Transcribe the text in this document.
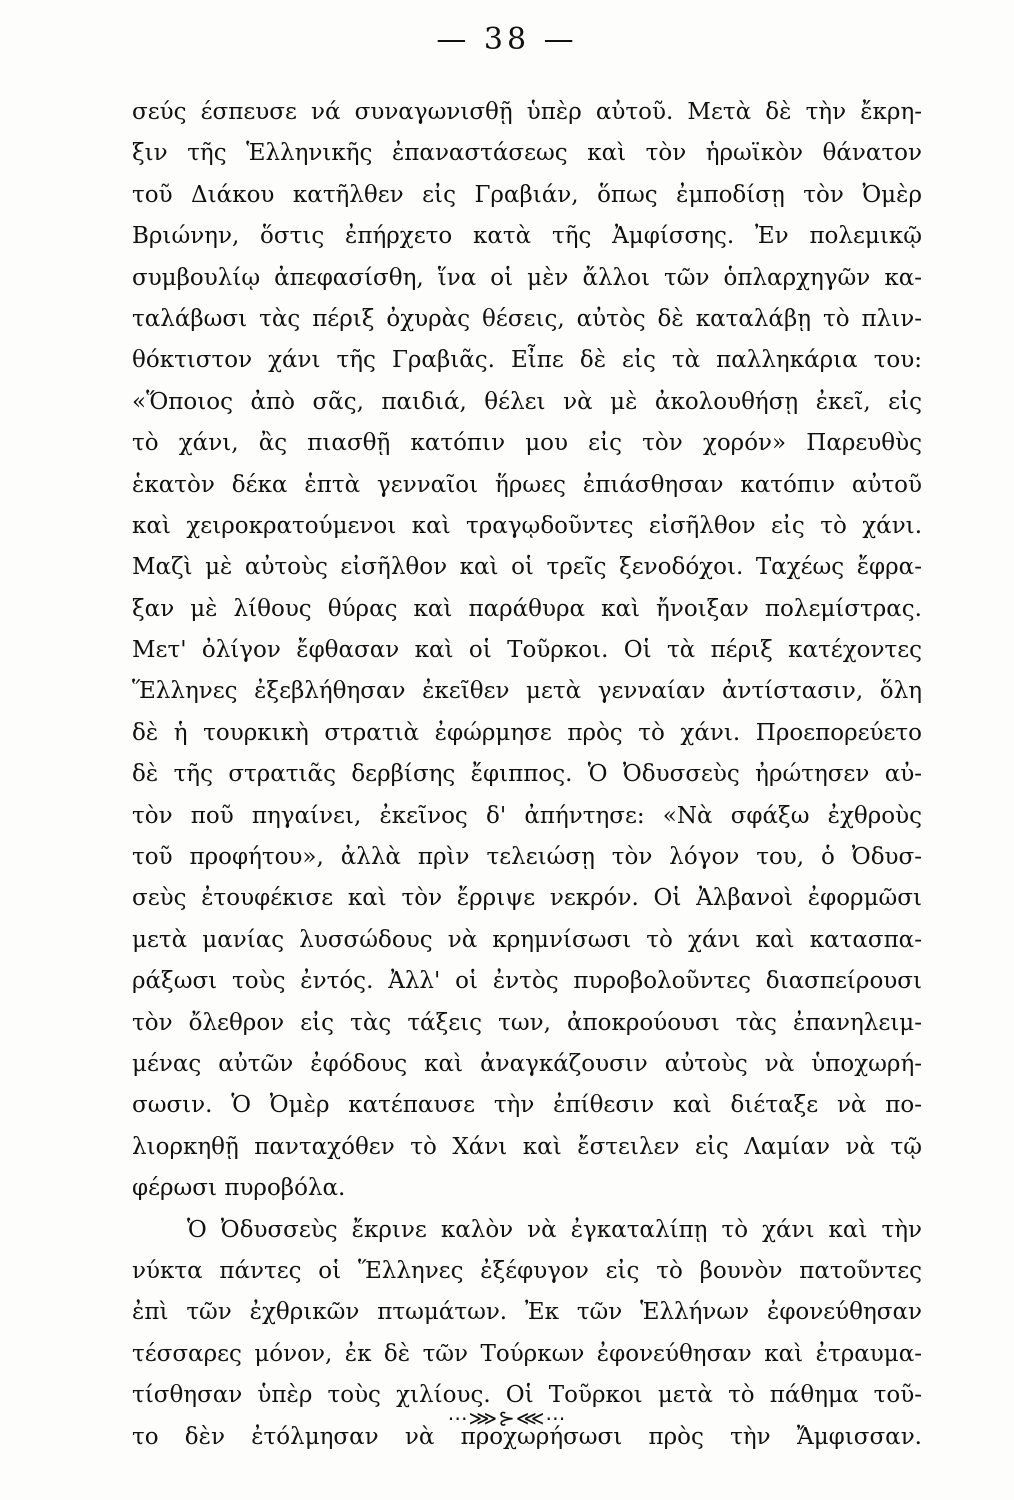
— 38 —
σεύς έσπευσε νά συναγωνισθῇ ὑπὲρ αὐτοῦ. Μετὰ δὲ τὴν ἔκρη-
ξιν τῆς Ἑλληνικῆς ἐπαναστάσεως καὶ τὸν ἡρωϊκὸν θάνατον
τοῦ Διάκου κατῆλθεν εἰς Γραβιάν, ὅπως ἐμποδίσῃ τὸν Ὀμὲρ
Βριώνην, ὅστις ἐπήρχετο κατὰ τῆς Ἀμφίσσης. Ἐν πολεμικῷ
συμβουλίῳ ἀπεφασίσθη, ἵνα οἱ μὲν ἄλλοι τῶν ὁπλαρχηγῶν κα-
ταλάβωσι τὰς πέριξ ὀχυρὰς θέσεις, αὐτὸς δὲ καταλάβῃ τὸ πλιν-
θόκτιστον χάνι τῆς Γραβιᾶς. Εἶπε δὲ εἰς τὰ παλληκάρια του:
«Ὅποιος ἀπὸ σᾶς, παιδιά, θέλει νὰ μὲ ἀκολουθήσῃ ἐκεῖ, εἰς
τὸ χάνι, ἂς πιασθῇ κατόπιν μου εἰς τὸν χορόν» Παρευθὺς
ἑκατὸν δέκα ἑπτὰ γενναῖοι ἥρωες ἐπιάσθησαν κατόπιν αὐτοῦ
καὶ χειροκρατούμενοι καὶ τραγῳδοῦντες εἰσῆλθον εἰς τὸ χάνι.
Μαζὶ μὲ αὐτοὺς εἰσῆλθον καὶ οἱ τρεῖς ξενοδόχοι. Ταχέως ἔφρα-
ξαν μὲ λίθους θύρας καὶ παράθυρα καὶ ἤνοιξαν πολεμίστρας.
Μετ' ὀλίγον ἔφθασαν καὶ οἱ Τοῦρκοι. Οἱ τὰ πέριξ κατέχοντες
Ἕλληνες ἐξεβλήθησαν ἐκεῖθεν μετὰ γενναίαν ἀντίστασιν, ὅλη
δὲ ἡ τουρκικὴ στρατιὰ ἐφώρμησε πρὸς τὸ χάνι. Προεπορεύετο
δὲ τῆς στρατιᾶς δερβίσης ἔφιππος. Ὁ Ὀδυσσεὺς ἠρώτησεν αὐ-
τὸν ποῦ πηγαίνει, ἐκεῖνος δ' ἀπήντησε: «Νὰ σφάξω ἐχθροὺς
τοῦ προφήτου», ἀλλὰ πρὶν τελειώσῃ τὸν λόγον του, ὁ Ὀδυσ-
σεὺς ἐτουφέκισε καὶ τὸν ἔρριψε νεκρόν. Οἱ Ἀλβανοὶ ἐφορμῶσι
μετὰ μανίας λυσσώδους νὰ κρημνίσωσι τὸ χάνι καὶ κατασπα-
ράξωσι τοὺς ἐντός. Ἀλλ' οἱ ἐντὸς πυροβολοῦντες διασπείρουσι
τὸν ὄλεθρον εἰς τὰς τάξεις των, ἀποκρούουσι τὰς ἐπανηλειμ-
μένας αὐτῶν ἐφόδους καὶ ἀναγκάζουσιν αὐτοὺς νὰ ὑποχωρή-
σωσιν. Ὁ Ὀμὲρ κατέπαυσε τὴν ἐπίθεσιν καὶ διέταξε νὰ πο-
λιορκηθῇ πανταχόθεν τὸ Χάνι καὶ ἔστειλεν εἰς Λαμίαν νὰ τῷ
φέρωσι πυροβόλα.
Ὁ Ὀδυσσεὺς ἔκρινε καλὸν νὰ ἐγκαταλίπῃ τὸ χάνι καὶ τὴν
νύκτα πάντες οἱ Ἕλληνες ἐξέφυγον εἰς τὸ βουνὸν πατοῦντες
ἐπὶ τῶν ἐχθρικῶν πτωμάτων. Ἐκ τῶν Ἑλλήνων ἐφονεύθησαν
τέσσαρες μόνον, ἐκ δὲ τῶν Τούρκων ἐφονεύθησαν καὶ ἐτραυμα-
τίσθησαν ὑπὲρ τοὺς χιλίους. Οἱ Τοῦρκοι μετὰ τὸ πάθημα τοῦ-
το δὲν ἐτόλμησαν νὰ προχωρήσωσι πρὸς τὴν Ἄμφισσαν.
⋯⋙⊱⋘⋯
